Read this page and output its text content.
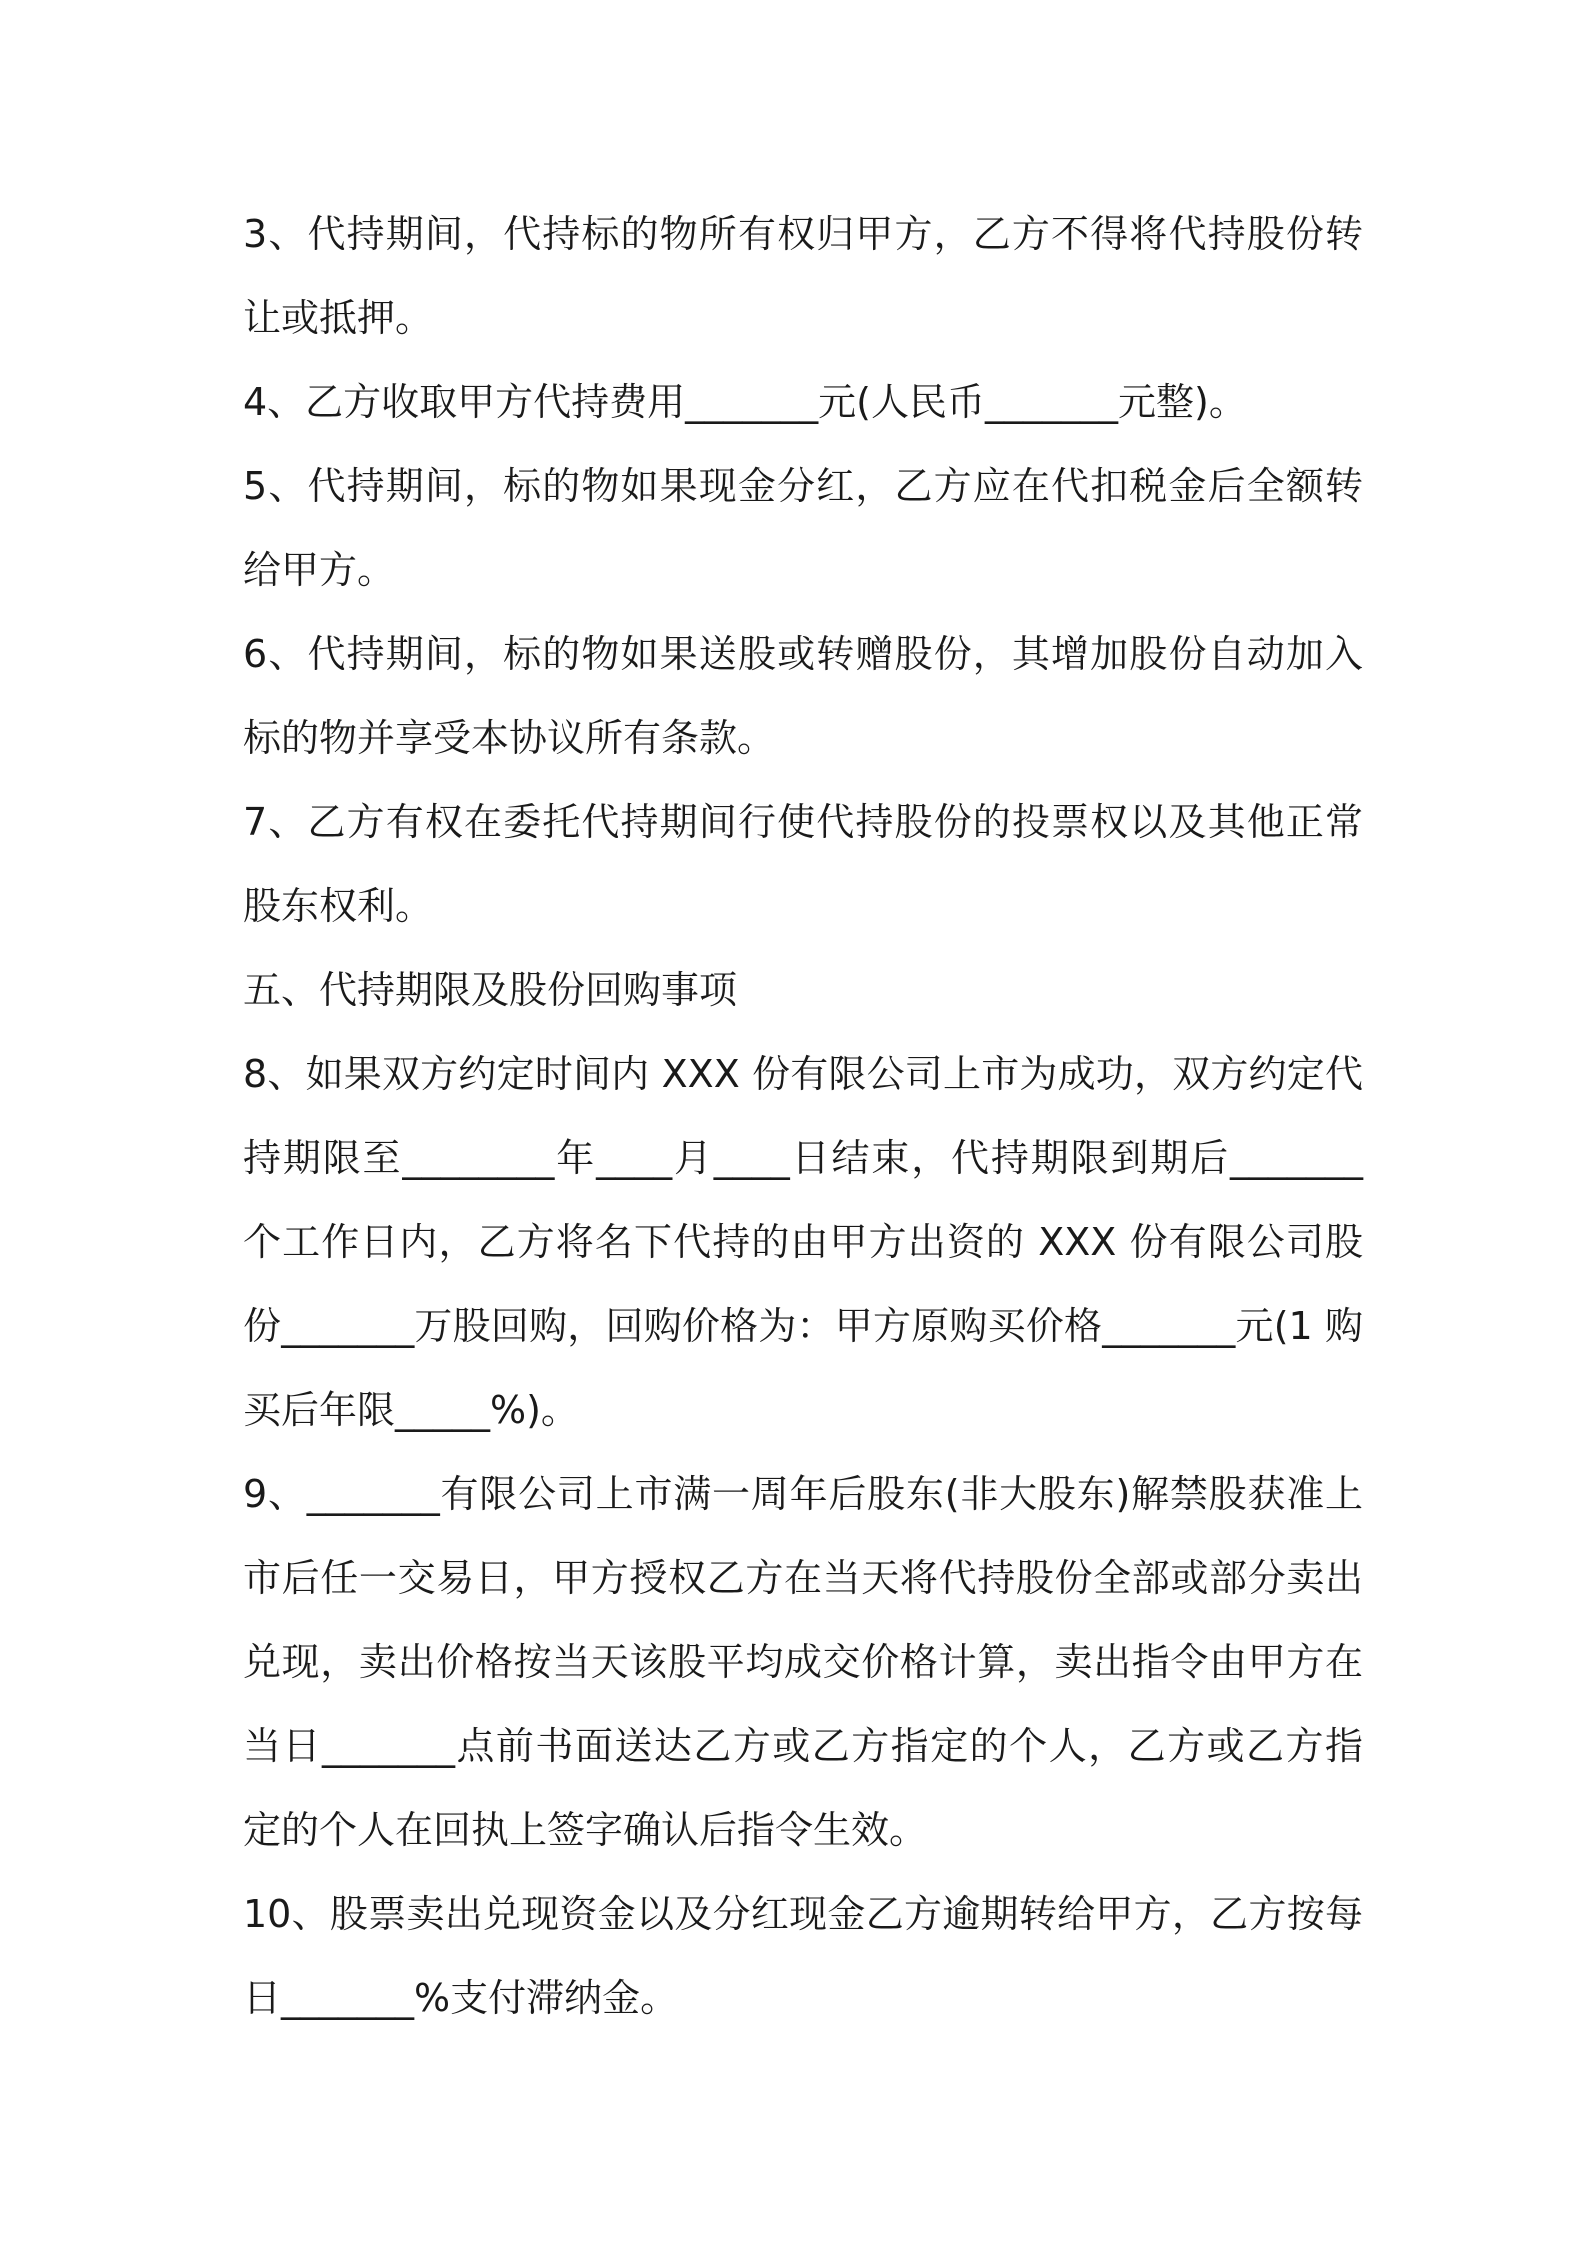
3、代持期间，代持标的物所有权归甲方，乙方不得将代持股份转让或抵押。

4、乙方收取甲方代持费用_______元(人民币_______元整)。

5、代持期间，标的物如果现金分红，乙方应在代扣税金后全额转给甲方。

6、代持期间，标的物如果送股或转赠股份，其增加股份自动加入标的物并享受本协议所有条款。

7、乙方有权在委托代持期间行使代持股份的投票权以及其他正常股东权利。

五、代持期限及股份回购事项

8、如果双方约定时间内 XXX 份有限公司上市为成功，双方约定代持期限至________年____月____日结束，代持期限到期后_______个工作日内，乙方将名下代持的由甲方出资的 XXX 份有限公司股份_______万股回购，回购价格为：甲方原购买价格_______元(1 购买后年限_____%)。

9、_______有限公司上市满一周年后股东(非大股东)解禁股获准上市后任一交易日，甲方授权乙方在当天将代持股份全部或部分卖出兑现，卖出价格按当天该股平均成交价格计算，卖出指令由甲方在当日_______点前书面送达乙方或乙方指定的个人，乙方或乙方指定的个人在回执上签字确认后指令生效。

10、股票卖出兑现资金以及分红现金乙方逾期转给甲方，乙方按每日_______%支付滞纳金。
